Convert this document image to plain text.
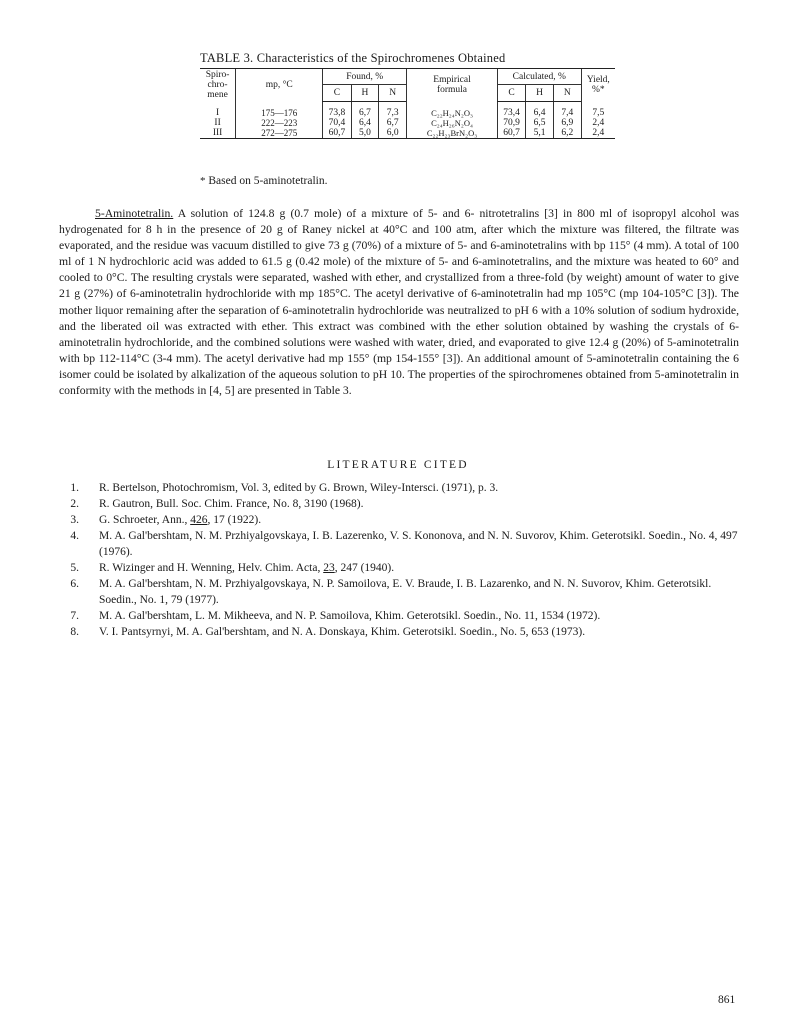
TABLE 3. Characteristics of the Spirochromenes Obtained
Spiro-
chro-
mene	mp, °C	Found, %			Empirical
formula	Calculated, %			Yield,
%*
		C	H	N		C	H	N	

I	175—176	73,8	6,7	7,3	C₂₂H₂₄N₂O₃	73,4	6,4	7,4	7,5
II	222—223	70,4	6,4	6,7	C₂₄H₂₆N₂O₄	70,9	6,5	6,9	2,4
III	272—275	60,7	5,0	6,0	C₂₂H₂₃BrN₂O₃	60,7	5,1	6,2	2,4
* Based on 5-aminotetralin.

5-Aminotetralin. A solution of 124.8 g (0.7 mole) of a mixture of 5- and 6- nitrotetralins [3] in 800 ml of isopropyl alcohol was hydrogenated for 8 h in the presence of 20 g of Raney nickel at 40°C and 100 atm, after which the mixture was filtered, the filtrate was evaporated, and the residue was vacuum distilled to give 73 g (70%) of a mixture of 5- and 6-aminotetralins with bp 115° (4 mm). A total of 100 ml of 1 N hydrochloric acid was added to 61.5 g (0.42 mole) of the mixture of 5- and 6-aminotetralins, and the mixture was heated to 60° and cooled to 0°C. The resulting crystals were separated, washed with ether, and crystallized from a three-fold (by weight) amount of water to give 21 g (27%) of 6-aminotetralin hydrochloride with mp 185°C. The acetyl derivative of 6-aminotetralin had mp 105°C (mp 104-105°C [3]). The mother liquor remaining after the separation of 6-aminotetralin hydrochloride was neutralized to pH 6 with a 10% solution of sodium hydroxide, and the liberated oil was extracted with ether. This extract was combined with the ether solution obtained by washing the crystals of 6-aminotetralin hydrochloride, and the combined solutions were washed with water, dried, and evaporated to give 12.4 g (20%) of 5-aminotetralin with bp 112-114°C (3-4 mm). The acetyl derivative had mp 155° (mp 154-155° [3]). An additional amount of 5-aminotetralin containing the 6 isomer could be isolated by alkalization of the aqueous solution to pH 10. The properties of the spirochromenes obtained from 5-aminotetralin in conformity with the methods in [4, 5] are presented in Table 3.

LITERATURE CITED
1. R. Bertelson, Photochromism, Vol. 3, edited by G. Brown, Wiley-Intersci. (1971), p. 3.
2. R. Gautron, Bull. Soc. Chim. France, No. 8, 3190 (1968).
3. G. Schroeter, Ann., 426, 17 (1922).
4. M. A. Gal'bershtam, N. M. Przhiyalgovskaya, I. B. Lazerenko, V. S. Kononova, and N. N. Suvorov, Khim. Geterotsikl. Soedin., No. 4, 497 (1976).
5. R. Wizinger and H. Wenning, Helv. Chim. Acta, 23, 247 (1940).
6. M. A. Gal'bershtam, N. M. Przhiyalgovskaya, N. P. Samoilova, E. V. Braude, I. B. Lazarenko, and N. N. Suvorov, Khim. Geterotsikl. Soedin., No. 1, 79 (1977).
7. M. A. Gal'bershtam, L. M. Mikheeva, and N. P. Samoilova, Khim. Geterotsikl. Soedin., No. 11, 1534 (1972).
8. V. I. Pantsyrnyi, M. A. Gal'bershtam, and N. A. Donskaya, Khim. Geterotsikl. Soedin., No. 5, 653 (1973).
861
